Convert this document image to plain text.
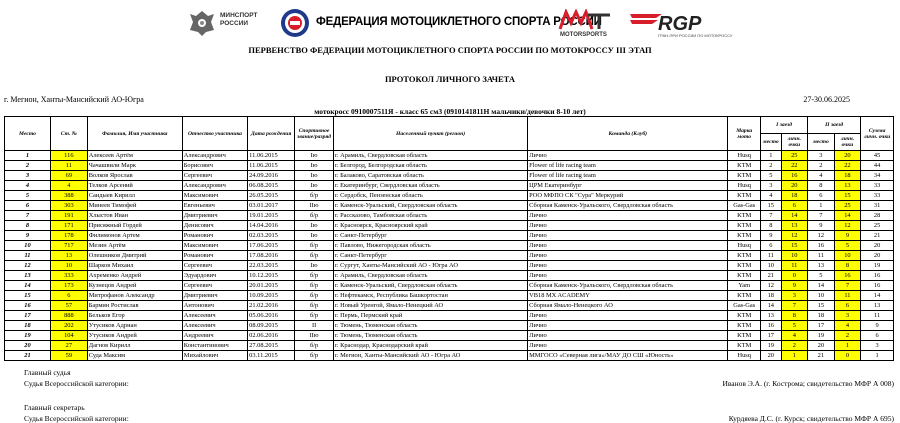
МИНСПОРТ
РОССИИ	ФЕДЕРАЦИЯ МОТОЦИКЛЕТНОГО СПОРТА РОССИИ
MOTORSPORTS	RGP
ГРАН-ПРИ РОССИИ ПО МОТОКРОССУ
ПЕРВЕНСТВО ФЕДЕРАЦИИ МОТОЦИКЛЕТНОГО СПОРТА РОССИИ ПО МОТОКРОССУ III ЭТАП
ПРОТОКОЛ ЛИЧНОГО ЗАЧЕТА
г. Мегион, Ханты-Мансийский АО-Югра	27-30.06.2025
мотокросс 0910007511Я - класс 65 см3 (0910141811Н мальчики/девочки 8-10 лет)
Место	Ст. №	Фамилия, Имя участника	Отчество участника	Дата рождения	Спортивное звание/разряд	Населенный пункт (регион)	Команда (Клуб)	Марка мото	I заезд		II заезд		Сумма личн. очки
									место	личн. очки	место	личн. очки	
1	116	Алексеев Артём	Александрович	11.06.2015	Iю	г. Арамиль, Свердловская область	Лично	Husq	1	25	3	20	45
2	11	Чачашвили Марк	Борисович	11.06.2015	Iю	г. Белгород, Белгородская область	Flower of life racing team	KTM	2	22	2	22	44
3	69	Волков Ярослав	Сергеевич	24.09.2016	Iю	г. Балаково, Саратовская область	Flower of life racing team	KTM	5	16	4	18	34
4	4	Телков Арсений	Александрович	06.08.2015	Iю	г. Екатеринбург, Свердловская область	ЦРМ Екатеринбург	Husq	3	20	8	13	33
5	388	Саидыев Кирилл	Максимович	26.05.2015	б/р	г. Сердобск, Пензенская область	РОО МФПО СК "Сура" Меркурий	KTM	4	18	6	15	33
6	303	Минеев Тимофей	Евгеньевич	03.01.2017	IIю	г. Каменск-Уральский, Свердловская область	Сборная Каменск-Уральского, Свердловская область	Gas-Gas	15	6	1	25	31
7	191	Хлыстов Иван	Дмитриевич	19.01.2015	б/р	г. Рассказово, Тамбовская область	Лично	KTM	7	14	7	14	28
8	171	Присяжный Гордей	Денисович	14.04.2016	Iю	г. Красноярск, Красноярский край	Лично	KTM	8	13	9	12	25
9	178	Филимонов Артем	Романович	02.03.2015	Iю	г. Санкт-Петербург	Лично	KTM	9	12	12	9	21
10	717	Мезин Артём	Максимович	17.06.2015	б/р	г. Павлово, Нижегородская область	Лично	Husq	6	15	16	5	20
11	13	Олешников Дмитрий	Романович	17.08.2016	б/р	г. Санкт-Петербург	Лично	KTM	11	10	11	10	20
12	10	Шарков Михаил	Сергеевич	22.03.2015	Iю	г. Сургут, Ханты-Мансийский АО - Югра АО	Лично	KTM	10	11	13	8	19
13	333	Ахременко Андрей	Эдуардович	10.12.2015	б/р	г. Арамиль, Свердловская область	Лично	KTM	21	0	5	16	16
14	173	Кузнецов Андрей	Сергеевич	20.01.2015	б/р	г. Каменск-Уральский, Свердловская область	Сборная Каменск-Уральского, Свердловская область	Yam	12	9	14	7	16
15	6	Митрофанов Александр	Дмитриевич	10.09.2015	б/р	г. Нефтекамск, Республика Башкортостан	VB18 MX ACADEMY	KTM	18	3	10	11	14
16	57	Бармин Ростислав	Антонович	21.02.2016	б/р	г. Новый Уренгой, Ямало-Ненецкий АО	Сборная Ямало-Ненецкого АО	Gas-Gas	14	7	15	6	13
17	888	Бельков Егор	Алексеевич	05.06.2016	б/р	г. Пермь, Пермский край	Лично	KTM	13	8	18	3	11
18	202	Утусиков Адриан	Алексеевич	08.09.2015	II	г. Тюмень, Тюменская область	Лично	KTM	16	5	17	4	9
19	104	Утусиков Андрей	Андреевич	02.06.2016	IIю	г. Тюмень, Тюменская область	Лично	KTM	17	4	19	2	6
20	27	Дагнов Кирилл	Константинович	27.08.2015	б/р	г. Краснодар, Краснодарский край	Лично	KTM	19	2	20	1	3
21	59	Суда Максим	Михайлович	03.11.2015	б/р	г. Мегион, Ханты-Мансийский АО - Югра АО	ММГОСО «Северная лига»/МАУ ДО СШ «Юность»	Husq	20	1	21	0	1
Главный судья
Судья Всероссийской категории:	Иванов Э.А. (г. Кострома; свидетельство МФР А 008)
Главный секретарь
Судья Всероссийской категории:	Курдяева Д.С. (г. Курск; свидетельство МФР А 695)
